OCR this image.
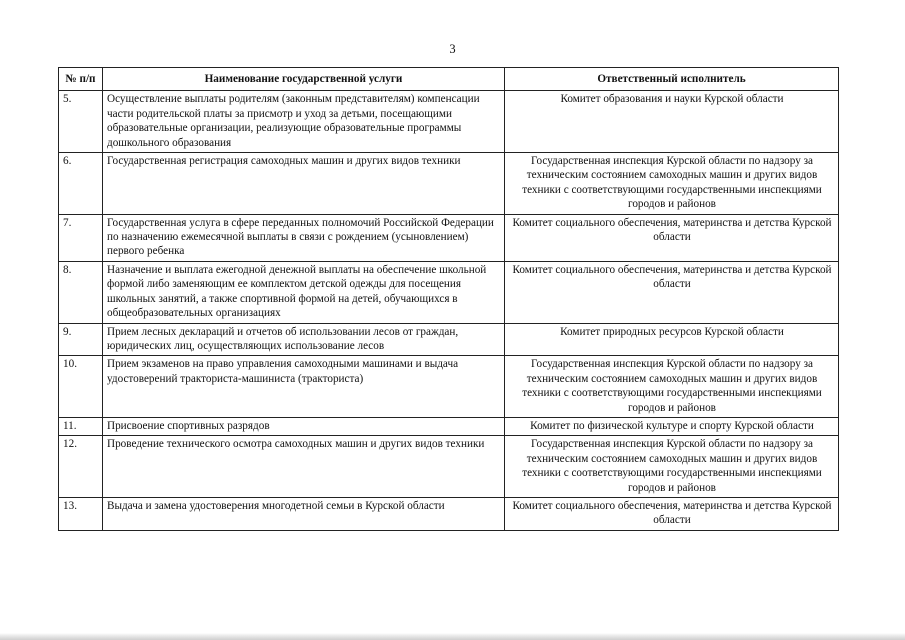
3
№ п/п	Наименование государственной услуги	Ответственный исполнитель
5.	Осуществление выплаты родителям (законным представителям) компенсации части родительской платы за присмотр и уход за детьми, посещающими образовательные организации, реализующие образовательные программы дошкольного образования	Комитет образования и науки Курской области
6.	Государственная регистрация самоходных машин и других видов техники	Государственная инспекция Курской области по надзору за техническим состоянием самоходных машин и других видов техники с соответствующими государственными инспекциями городов и районов
7.	Государственная услуга в сфере переданных полномочий Российской Федерации по назначению ежемесячной выплаты в связи с рождением (усыновлением) первого ребенка	Комитет социального обеспечения, материнства и детства Курской области
8.	Назначение и выплата ежегодной денежной выплаты на обеспечение школьной формой либо заменяющим ее комплектом детской одежды для посещения школьных занятий, а также спортивной формой на детей, обучающихся в общеобразовательных организациях	Комитет социального обеспечения, материнства и детства Курской области
9.	Прием лесных деклараций и отчетов об использовании лесов от граждан, юридических лиц, осуществляющих использование лесов	Комитет природных ресурсов Курской области
10.	Прием экзаменов на право управления самоходными машинами и выдача удостоверений тракториста-машиниста (тракториста)	Государственная инспекция Курской области по надзору за техническим состоянием самоходных машин и других видов техники с соответствующими государственными инспекциями городов и районов
11.	Присвоение спортивных разрядов	Комитет по физической культуре и спорту Курской области
12.	Проведение технического осмотра самоходных машин и других видов техники	Государственная инспекция Курской области по надзору за техническим состоянием самоходных машин и других видов техники с соответствующими государственными инспекциями городов и районов
13.	Выдача и замена удостоверения многодетной семьи в Курской области	Комитет социального обеспечения, материнства и детства Курской области
